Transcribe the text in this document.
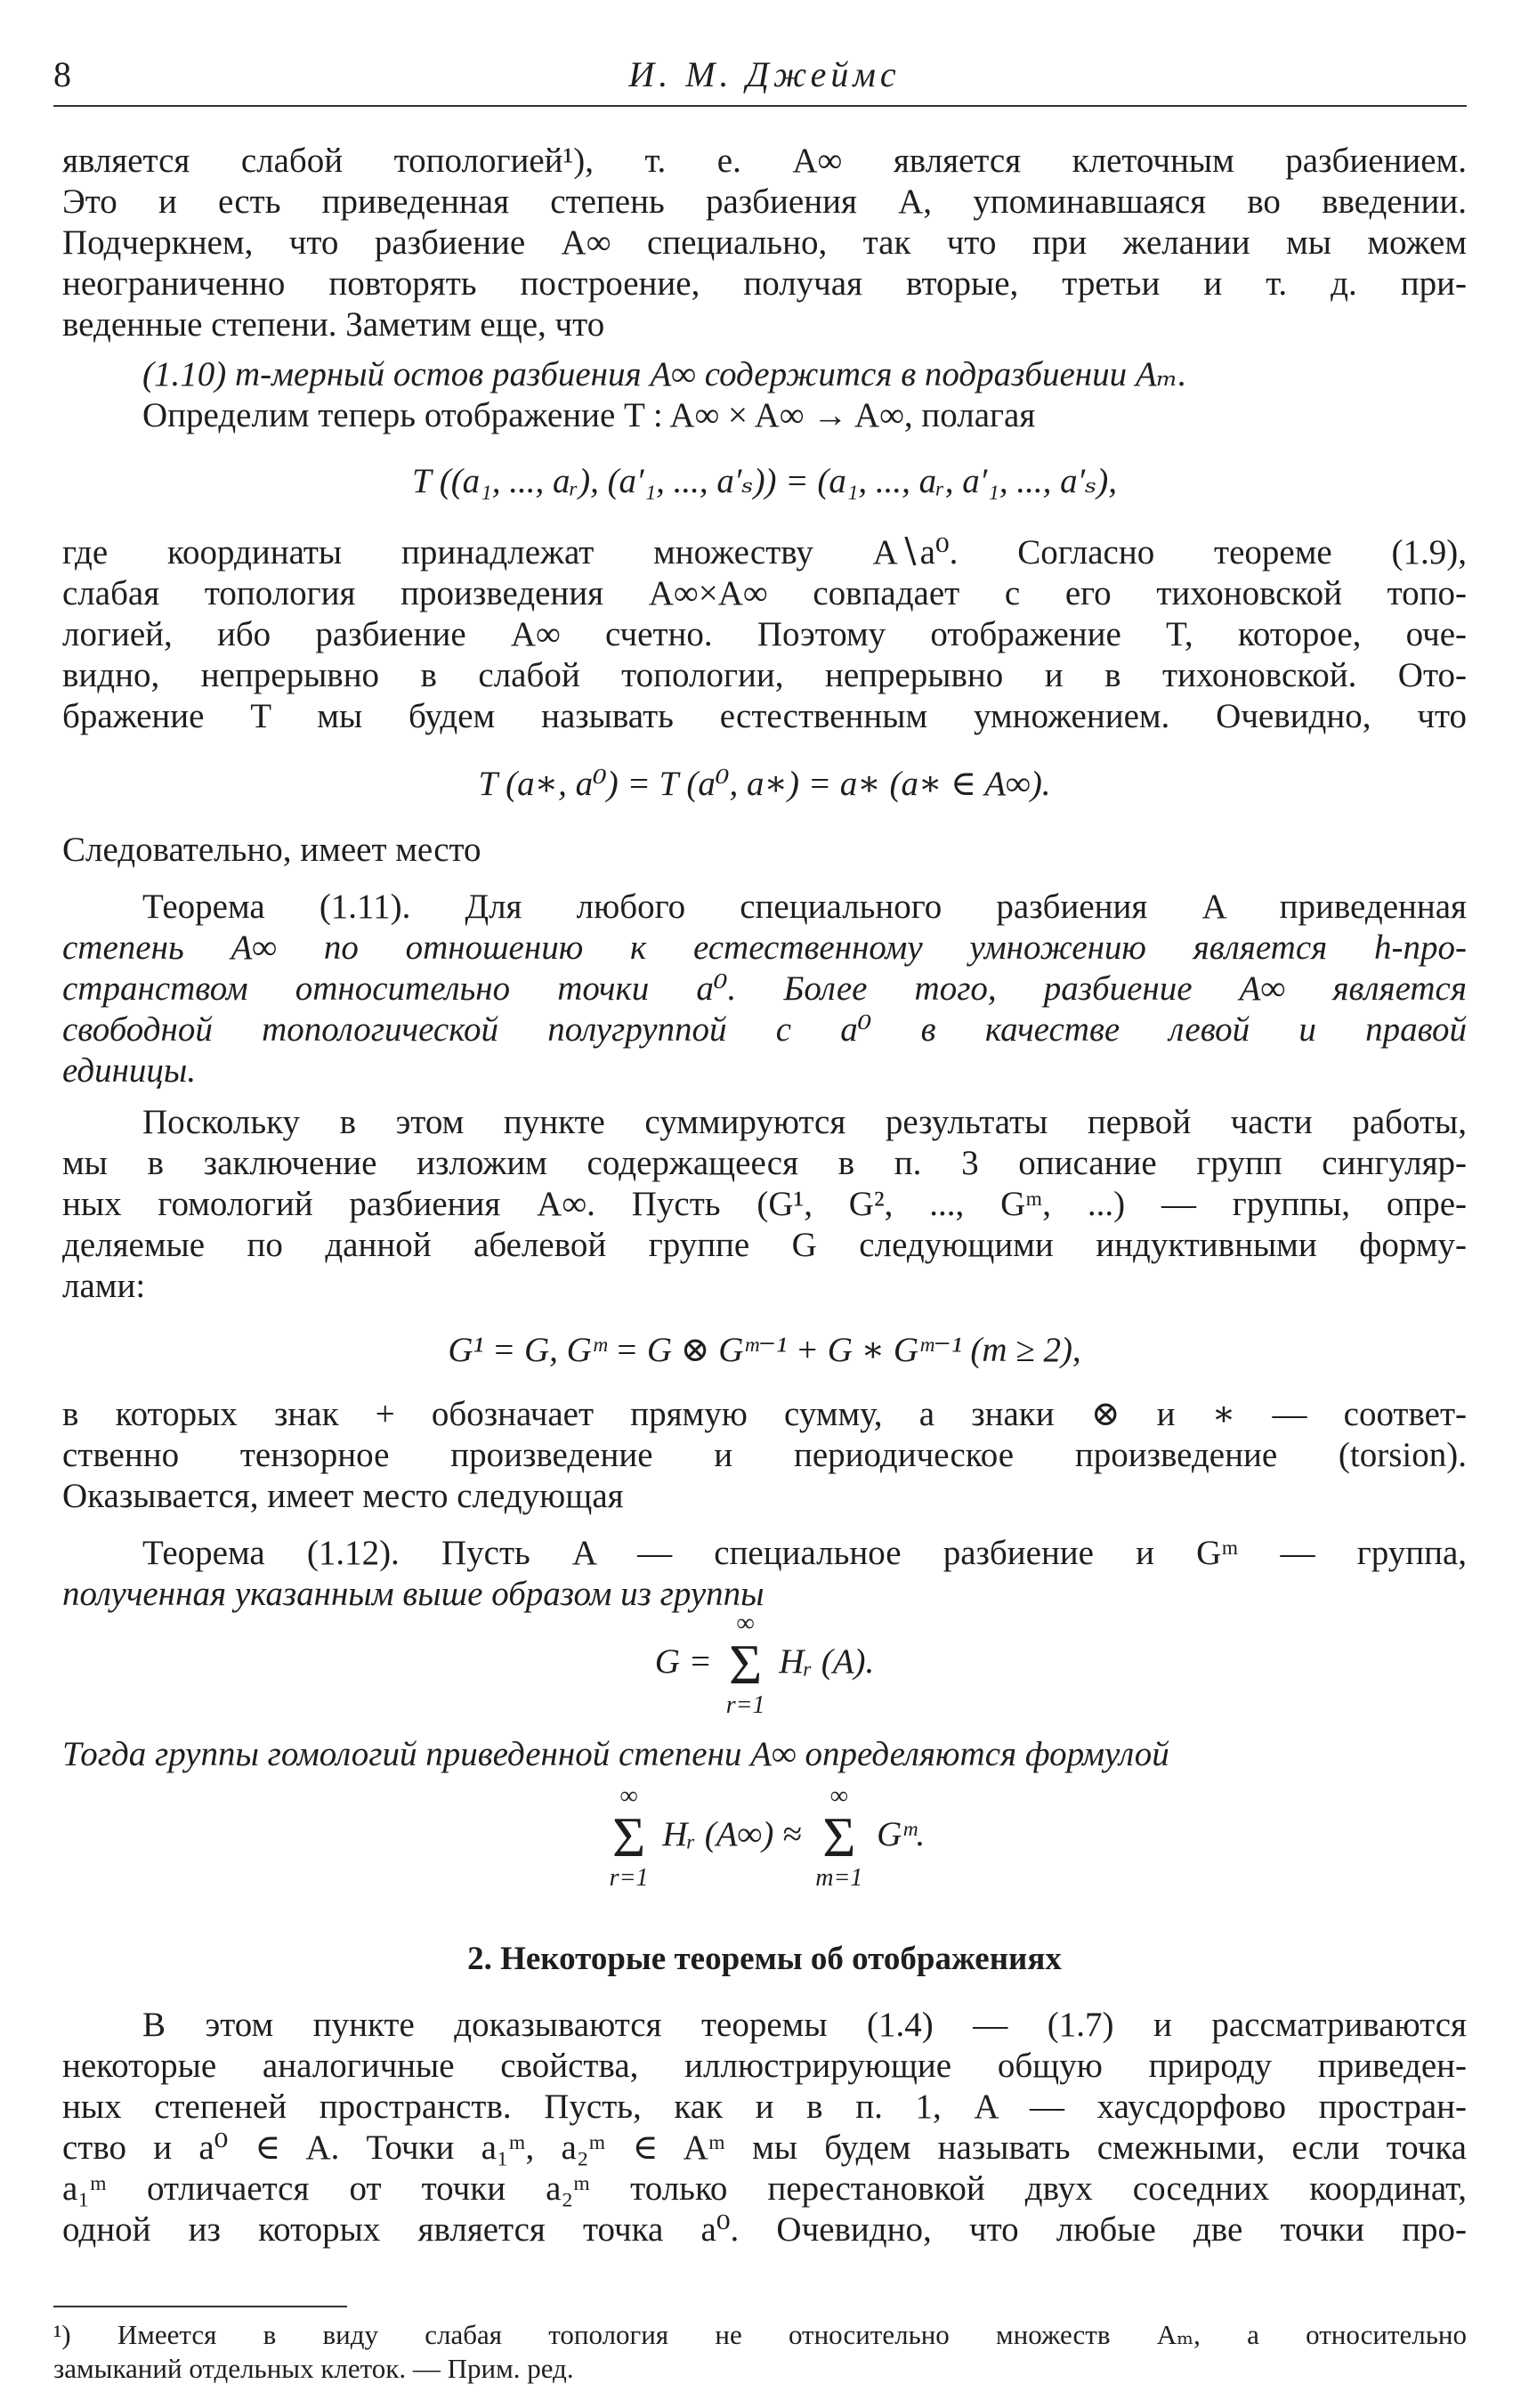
8	И. М. Джеймс
является слабой топологией¹), т. е. A∞ является клеточным разбиением.
Это и есть приведенная степень разбиения A, упоминавшаяся во введении.
Подчеркнем, что разбиение A∞ специально, так что при желании мы можем
неограниченно повторять построение, получая вторые, третьи и т. д. при-
веденные степени. Заметим еще, что
(1.10) m-мерный остов разбиения A∞ содержится в подразбиении Aₘ.
Определим теперь отображение T : A∞ × A∞ → A∞, полагая
T ((a₁, ..., aᵣ), (a′₁, ..., a′ₛ)) = (a₁, ..., aᵣ, a′₁, ..., a′ₛ),
где координаты принадлежат множеству A∖a⁰. Согласно теореме (1.9),
слабая топология произведения A∞×A∞ совпадает с его тихоновской топо-
логией, ибо разбиение A∞ счетно. Поэтому отображение T, которое, оче-
видно, непрерывно в слабой топологии, непрерывно и в тихоновской. Ото-
бражение T мы будем называть естественным умножением. Очевидно, что
T (a∗, a⁰) = T (a⁰, a∗) = a∗ (a∗ ∈ A∞).
Следовательно, имеет место
Теорема (1.11). Для любого специального разбиения A приведенная
степень A∞ по отношению к естественному умножению является h-про-
странством относительно точки a⁰. Более того, разбиение A∞ является
свободной топологической полугруппой с a⁰ в качестве левой и правой
единицы.
Поскольку в этом пункте суммируются результаты первой части работы,
мы в заключение изложим содержащееся в п. 3 описание групп сингуляр-
ных гомологий разбиения A∞. Пусть (G¹, G², ..., Gᵐ, ...) — группы, опре-
деляемые по данной абелевой группе G следующими индуктивными форму-
лами:
G¹ = G, Gᵐ = G ⊗ Gᵐ⁻¹ + G ∗ Gᵐ⁻¹ (m ≥ 2),
в которых знак + обозначает прямую сумму, а знаки ⊗ и ∗ — соответ-
ственно тензорное произведение и периодическое произведение (torsion).
Оказывается, имеет место следующая
Теорема (1.12). Пусть A — специальное разбиение и Gᵐ — группа,
полученная указанным выше образом из группы
G =
∞
Σ
r=1
Hᵣ (A).
Тогда группы гомологий приведенной степени A∞ определяются формулой
∞
Σ
r=1
Hᵣ (A∞) ≈
∞
Σ
m=1
Gᵐ.
2. Некоторые теоремы об отображениях
В этом пункте доказываются теоремы (1.4) — (1.7) и рассматриваются
некоторые аналогичные свойства, иллюстрирующие общую природу приведен-
ных степеней пространств. Пусть, как и в п. 1, A — хаусдорфово простран-
ство и a⁰ ∈ A. Точки a₁ᵐ, a₂ᵐ ∈ Aᵐ мы будем называть смежными, если точка
a₁ᵐ отличается от точки a₂ᵐ только перестановкой двух соседних координат,
одной из которых является точка a⁰. Очевидно, что любые две точки про-
¹) Имеется в виду слабая топология не относительно множеств Aₘ, а относительно
замыканий отдельных клеток. — Прим. ред.
